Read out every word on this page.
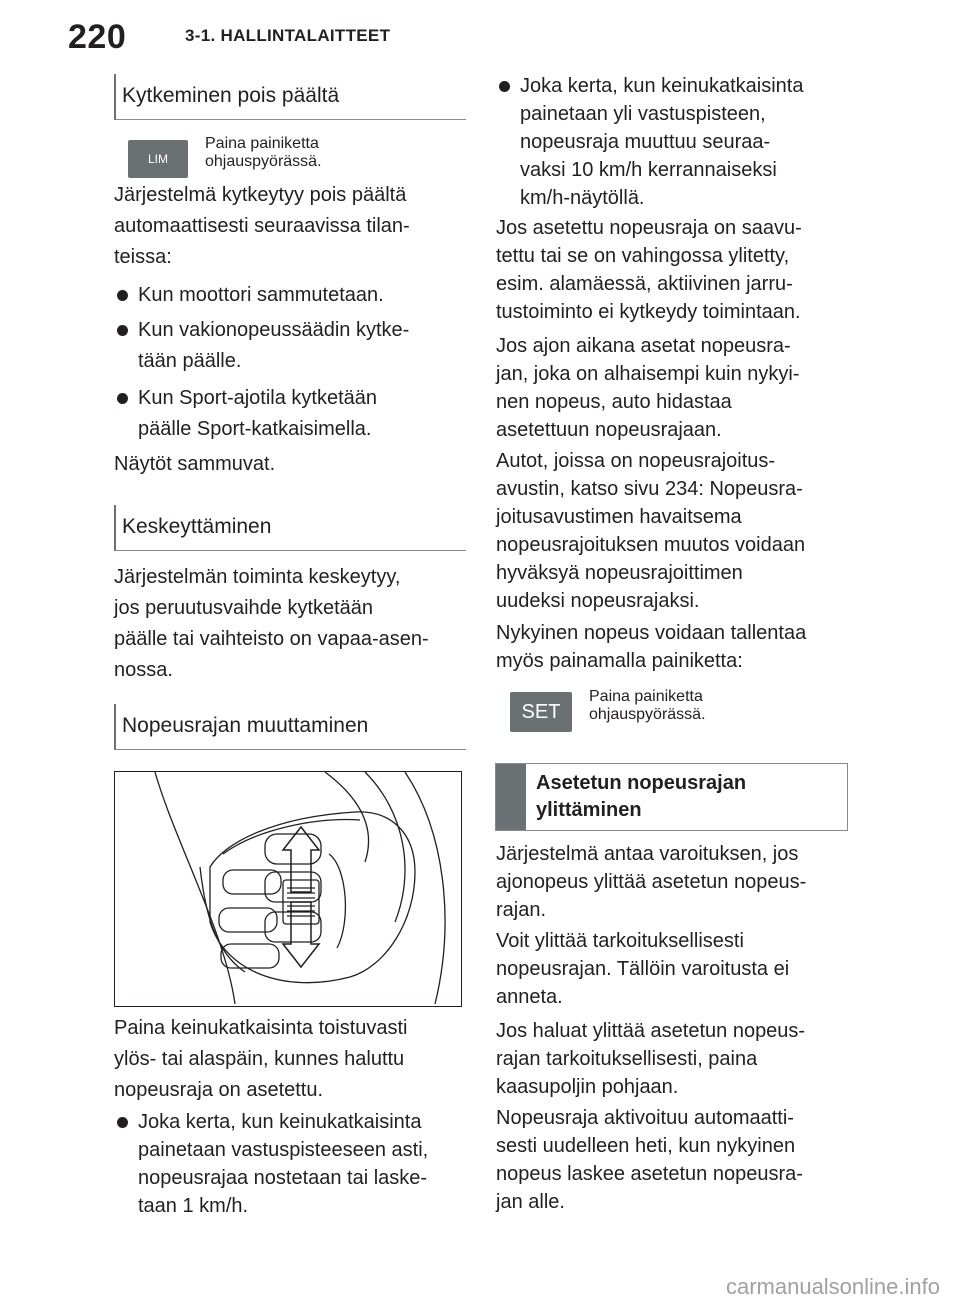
220	3-1. HALLINTALAITTEET
Kytkeminen pois päältä
LIM
Paina painiketta
ohjauspyörässä.
Järjestelmä kytkeytyy pois päältä
automaattisesti seuraavissa tilan-
teissa:
Kun moottori sammutetaan.
Kun vakionopeussäädin kytke-
tään päälle.
Kun Sport-ajotila kytketään
päälle Sport-katkaisimella.
Näytöt sammuvat.
Keskeyttäminen
Järjestelmän toiminta keskeytyy,
jos peruutusvaihde kytketään
päälle tai vaihteisto on vapaa-asen-
nossa.
Nopeusrajan muuttaminen
Paina keinukatkaisinta toistuvasti
ylös- tai alaspäin, kunnes haluttu
nopeusraja on asetettu.
Joka kerta, kun keinukatkaisinta
painetaan vastuspisteeseen asti,
nopeusrajaa nostetaan tai laske-
taan 1 km/h.
Joka kerta, kun keinukatkaisinta
painetaan yli vastuspisteen,
nopeusraja muuttuu seuraa-
vaksi 10 km/h kerrannaiseksi
km/h-näytöllä.
Jos asetettu nopeusraja on saavu-
tettu tai se on vahingossa ylitetty,
esim. alamäessä, aktiivinen jarru-
tustoiminto ei kytkeydy toimintaan.
Jos ajon aikana asetat nopeusra-
jan, joka on alhaisempi kuin nykyi-
nen nopeus, auto hidastaa
asetettuun nopeusrajaan.
Autot, joissa on nopeusrajoitus-
avustin, katso sivu 234: Nopeusra-
joitusavustimen havaitsema
nopeusrajoituksen muutos voidaan
hyväksyä nopeusrajoittimen
uudeksi nopeusrajaksi.
Nykyinen nopeus voidaan tallentaa
myös painamalla painiketta:
SET
Paina painiketta
ohjauspyörässä.
Asetetun nopeusrajan
ylittäminen
Järjestelmä antaa varoituksen, jos
ajonopeus ylittää asetetun nopeus-
rajan.
Voit ylittää tarkoituksellisesti
nopeusrajan. Tällöin varoitusta ei
anneta.
Jos haluat ylittää asetetun nopeus-
rajan tarkoituksellisesti, paina
kaasupoljin pohjaan.
Nopeusraja aktivoituu automaatti-
sesti uudelleen heti, kun nykyinen
nopeus laskee asetetun nopeusra-
jan alle.
carmanualsonline.info
